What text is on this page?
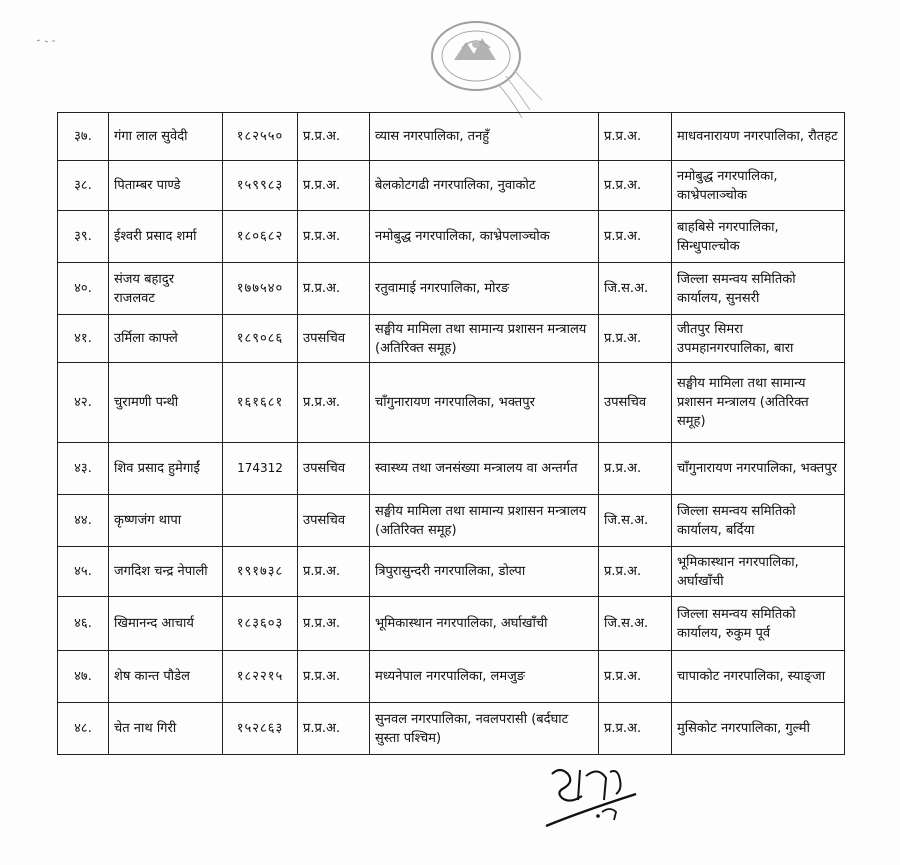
३७.	गंगा लाल सुवेदी	१८२५५०	प्र.प्र.अ.	व्यास नगरपालिका, तनहुँ	प्र.प्र.अ.	माधवनारायण नगरपालिका, रौतहट
३८.	पिताम्बर पाण्डे	१५९९८३	प्र.प्र.अ.	बेलकोटगढी नगरपालिका, नुवाकोट	प्र.प्र.अ.	नमोबुद्ध नगरपालिका, काभ्रेपलाञ्चोक
३९.	ईश्वरी प्रसाद शर्मा	१८०६८२	प्र.प्र.अ.	नमोबुद्ध नगरपालिका, काभ्रेपलाञ्चोक	प्र.प्र.अ.	बाहबिसे नगरपालिका, सिन्धुपाल्चोक
४०.	संजय बहादुर राजलवट	१७७५४०	प्र.प्र.अ.	रतुवामाई नगरपालिका, मोरङ	जि.स.अ.	जिल्ला समन्वय समितिको कार्यालय, सुनसरी
४१.	उर्मिला काफ्ले	१८९०८६	उपसचिव	सङ्घीय मामिला तथा सामान्य प्रशासन मन्त्रालय (अतिरिक्त समूह)	प्र.प्र.अ.	जीतपुर सिमरा उपमहानगरपालिका, बारा
४२.	चुरामणी पन्थी	१६१६८१	प्र.प्र.अ.	चाँगुनारायण नगरपालिका, भक्तपुर	उपसचिव	सङ्घीय मामिला तथा सामान्य प्रशासन मन्त्रालय (अतिरिक्त समूह)
४३.	शिव प्रसाद हुमेगाईं	174312	उपसचिव	स्वास्थ्य तथा जनसंख्या मन्त्रालय वा अन्तर्गत	प्र.प्र.अ.	चाँगुनारायण नगरपालिका, भक्तपुर
४४.	कृष्णजंग थापा		उपसचिव	सङ्घीय मामिला तथा सामान्य प्रशासन मन्त्रालय (अतिरिक्त समूह)	जि.स.अ.	जिल्ला समन्वय समितिको कार्यालय, बर्दिया
४५.	जगदिश चन्द्र नेपाली	१९१७३८	प्र.प्र.अ.	त्रिपुरासुन्दरी नगरपालिका, डोल्पा	प्र.प्र.अ.	भूमिकास्थान नगरपालिका, अर्घाखाँची
४६.	खिमानन्द आचार्य	१८३६०३	प्र.प्र.अ.	भूमिकास्थान नगरपालिका, अर्घाखाँची	जि.स.अ.	जिल्ला समन्वय समितिको कार्यालय, रुकुम पूर्व
४७.	शेष कान्त पौडेल	१८२२१५	प्र.प्र.अ.	मध्यनेपाल नगरपालिका, लमजुङ	प्र.प्र.अ.	चापाकोट नगरपालिका, स्याङ्जा
४८.	चेत नाथ गिरी	१५२८६३	प्र.प्र.अ.	सुनवल नगरपालिका, नवलपरासी (बर्दघाट सुस्ता पश्चिम)	प्र.प्र.अ.	मुसिकोट नगरपालिका, गुल्मी
